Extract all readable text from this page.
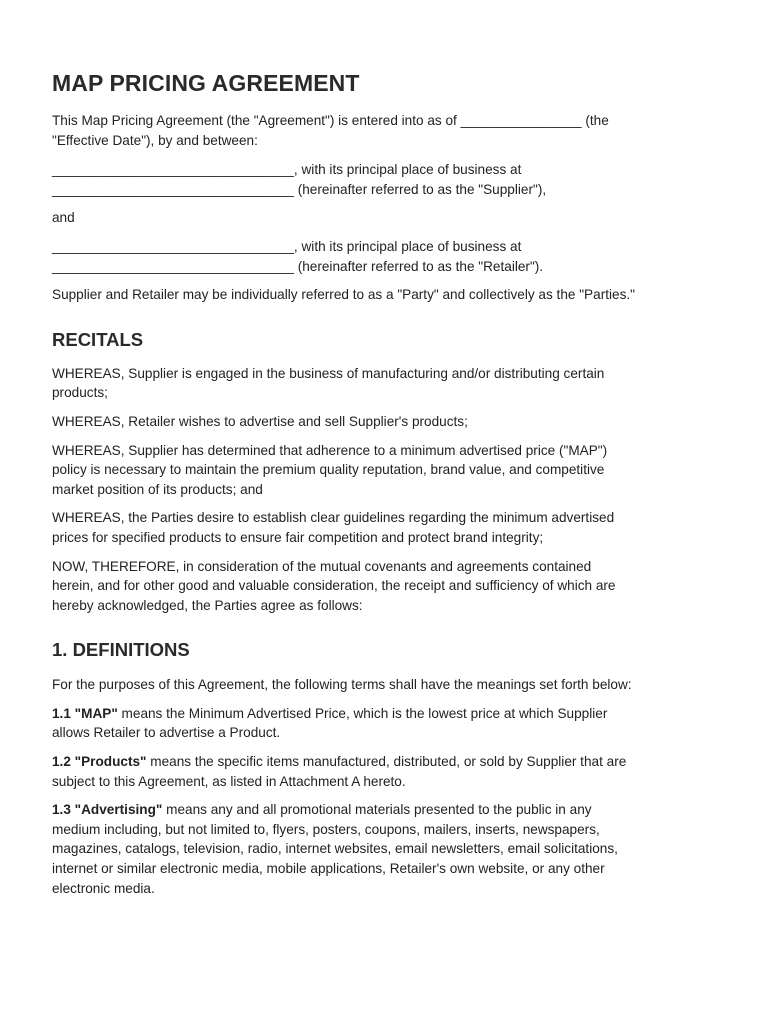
MAP PRICING AGREEMENT

This Map Pricing Agreement (the "Agreement") is entered into as of ________________ (the
"Effective Date"), by and between:

________________________________, with its principal place of business at
________________________________ (hereinafter referred to as the "Supplier"),

and

________________________________, with its principal place of business at
________________________________ (hereinafter referred to as the "Retailer").

Supplier and Retailer may be individually referred to as a "Party" and collectively as the "Parties."

RECITALS

WHEREAS, Supplier is engaged in the business of manufacturing and/or distributing certain
products;

WHEREAS, Retailer wishes to advertise and sell Supplier's products;

WHEREAS, Supplier has determined that adherence to a minimum advertised price ("MAP")
policy is necessary to maintain the premium quality reputation, brand value, and competitive
market position of its products; and

WHEREAS, the Parties desire to establish clear guidelines regarding the minimum advertised
prices for specified products to ensure fair competition and protect brand integrity;

NOW, THEREFORE, in consideration of the mutual covenants and agreements contained
herein, and for other good and valuable consideration, the receipt and sufficiency of which are
hereby acknowledged, the Parties agree as follows:

1. DEFINITIONS

For the purposes of this Agreement, the following terms shall have the meanings set forth below:

1.1 "MAP" means the Minimum Advertised Price, which is the lowest price at which Supplier
allows Retailer to advertise a Product.

1.2 "Products" means the specific items manufactured, distributed, or sold by Supplier that are
subject to this Agreement, as listed in Attachment A hereto.

1.3 "Advertising" means any and all promotional materials presented to the public in any
medium including, but not limited to, flyers, posters, coupons, mailers, inserts, newspapers,
magazines, catalogs, television, radio, internet websites, email newsletters, email solicitations,
internet or similar electronic media, mobile applications, Retailer's own website, or any other
electronic media.
